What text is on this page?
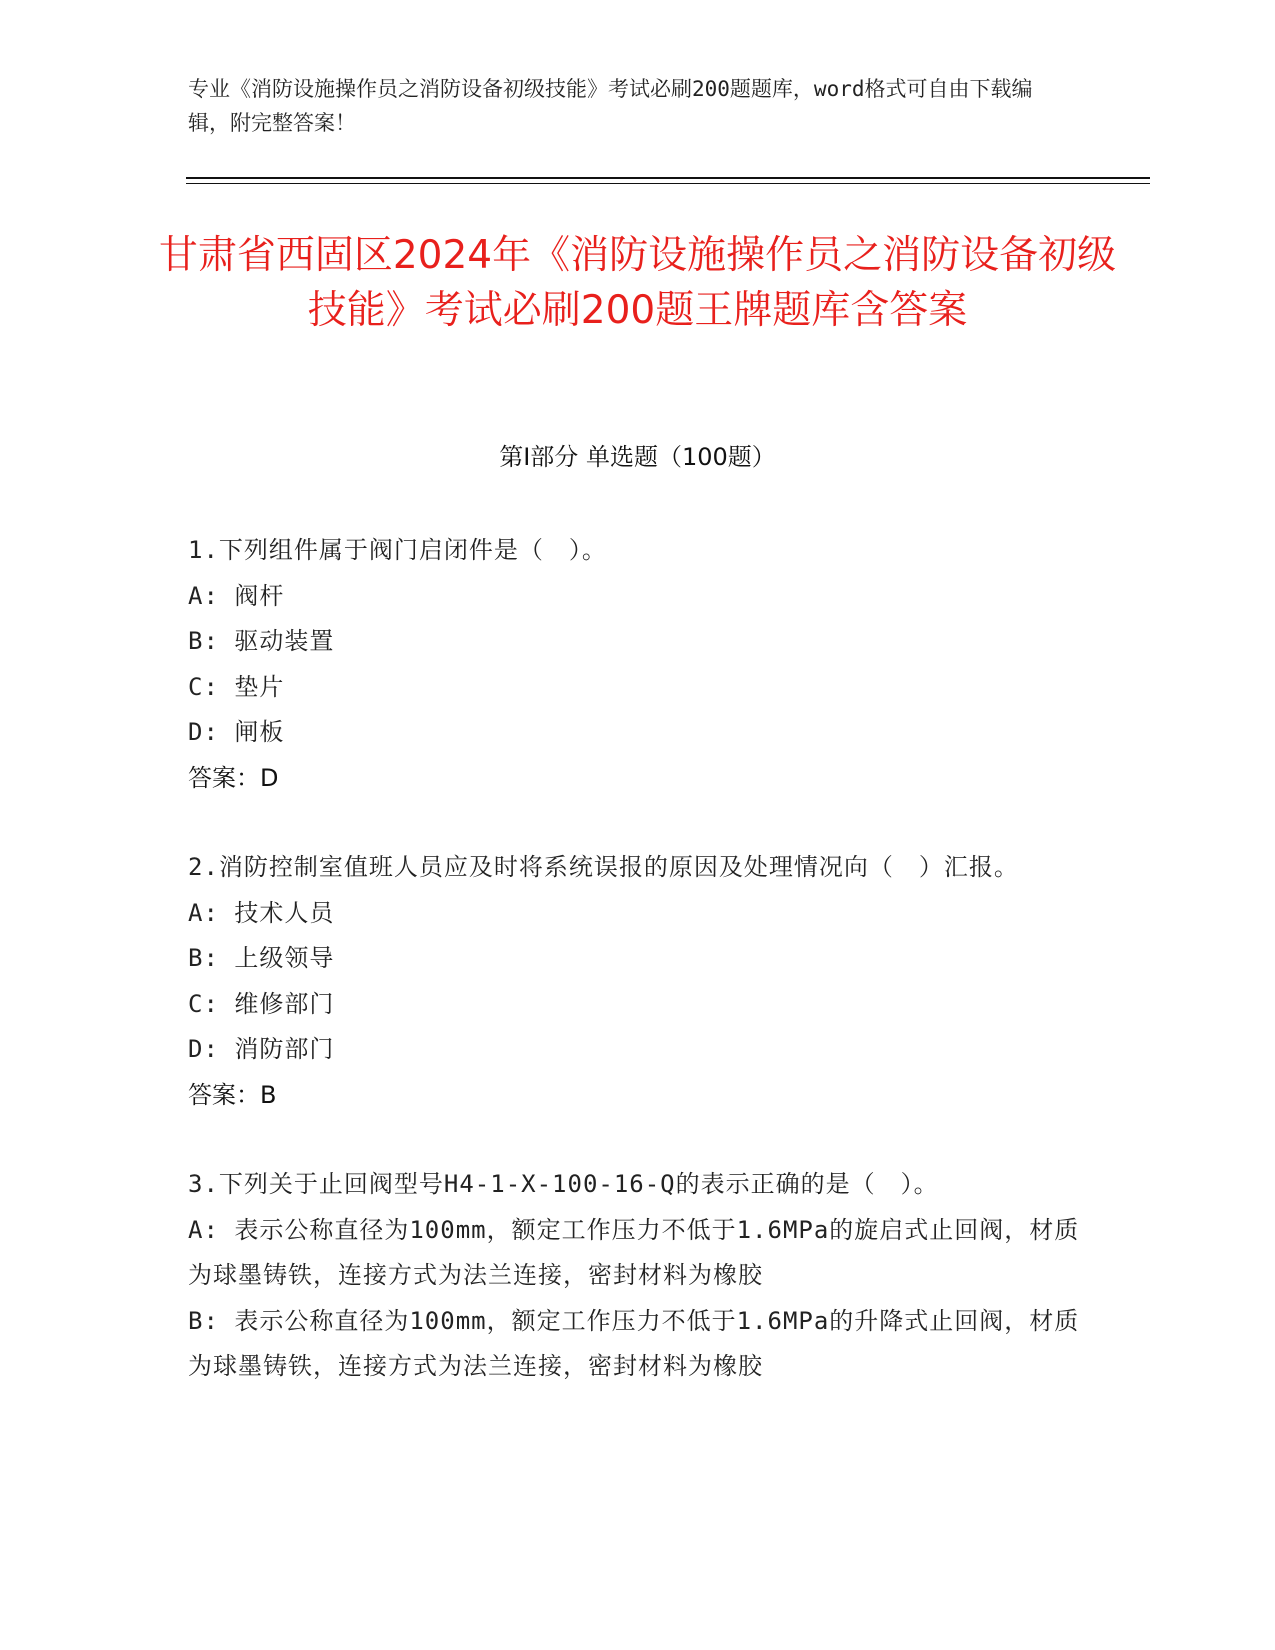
专业《消防设施操作员之消防设备初级技能》考试必刷200题题库，word格式可自由下载编辑，附完整答案！
甘肃省西固区2024年《消防设施操作员之消防设备初级技能》考试必刷200题王牌题库含答案
第Ⅰ部分 单选题（100题）
1.下列组件属于阀门启闭件是（　）。
A: 阀杆
B: 驱动装置
C: 垫片
D: 闸板
答案：D
2.消防控制室值班人员应及时将系统误报的原因及处理情况向（　）汇报。
A: 技术人员
B: 上级领导
C: 维修部门
D: 消防部门
答案：B
3.下列关于止回阀型号H4-1-X-100-16-Q的表示正确的是（　）。
A: 表示公称直径为100mm，额定工作压力不低于1.6MPa的旋启式止回阀，材质为球墨铸铁，连接方式为法兰连接，密封材料为橡胶
B: 表示公称直径为100mm，额定工作压力不低于1.6MPa的升降式止回阀，材质为球墨铸铁，连接方式为法兰连接，密封材料为橡胶
